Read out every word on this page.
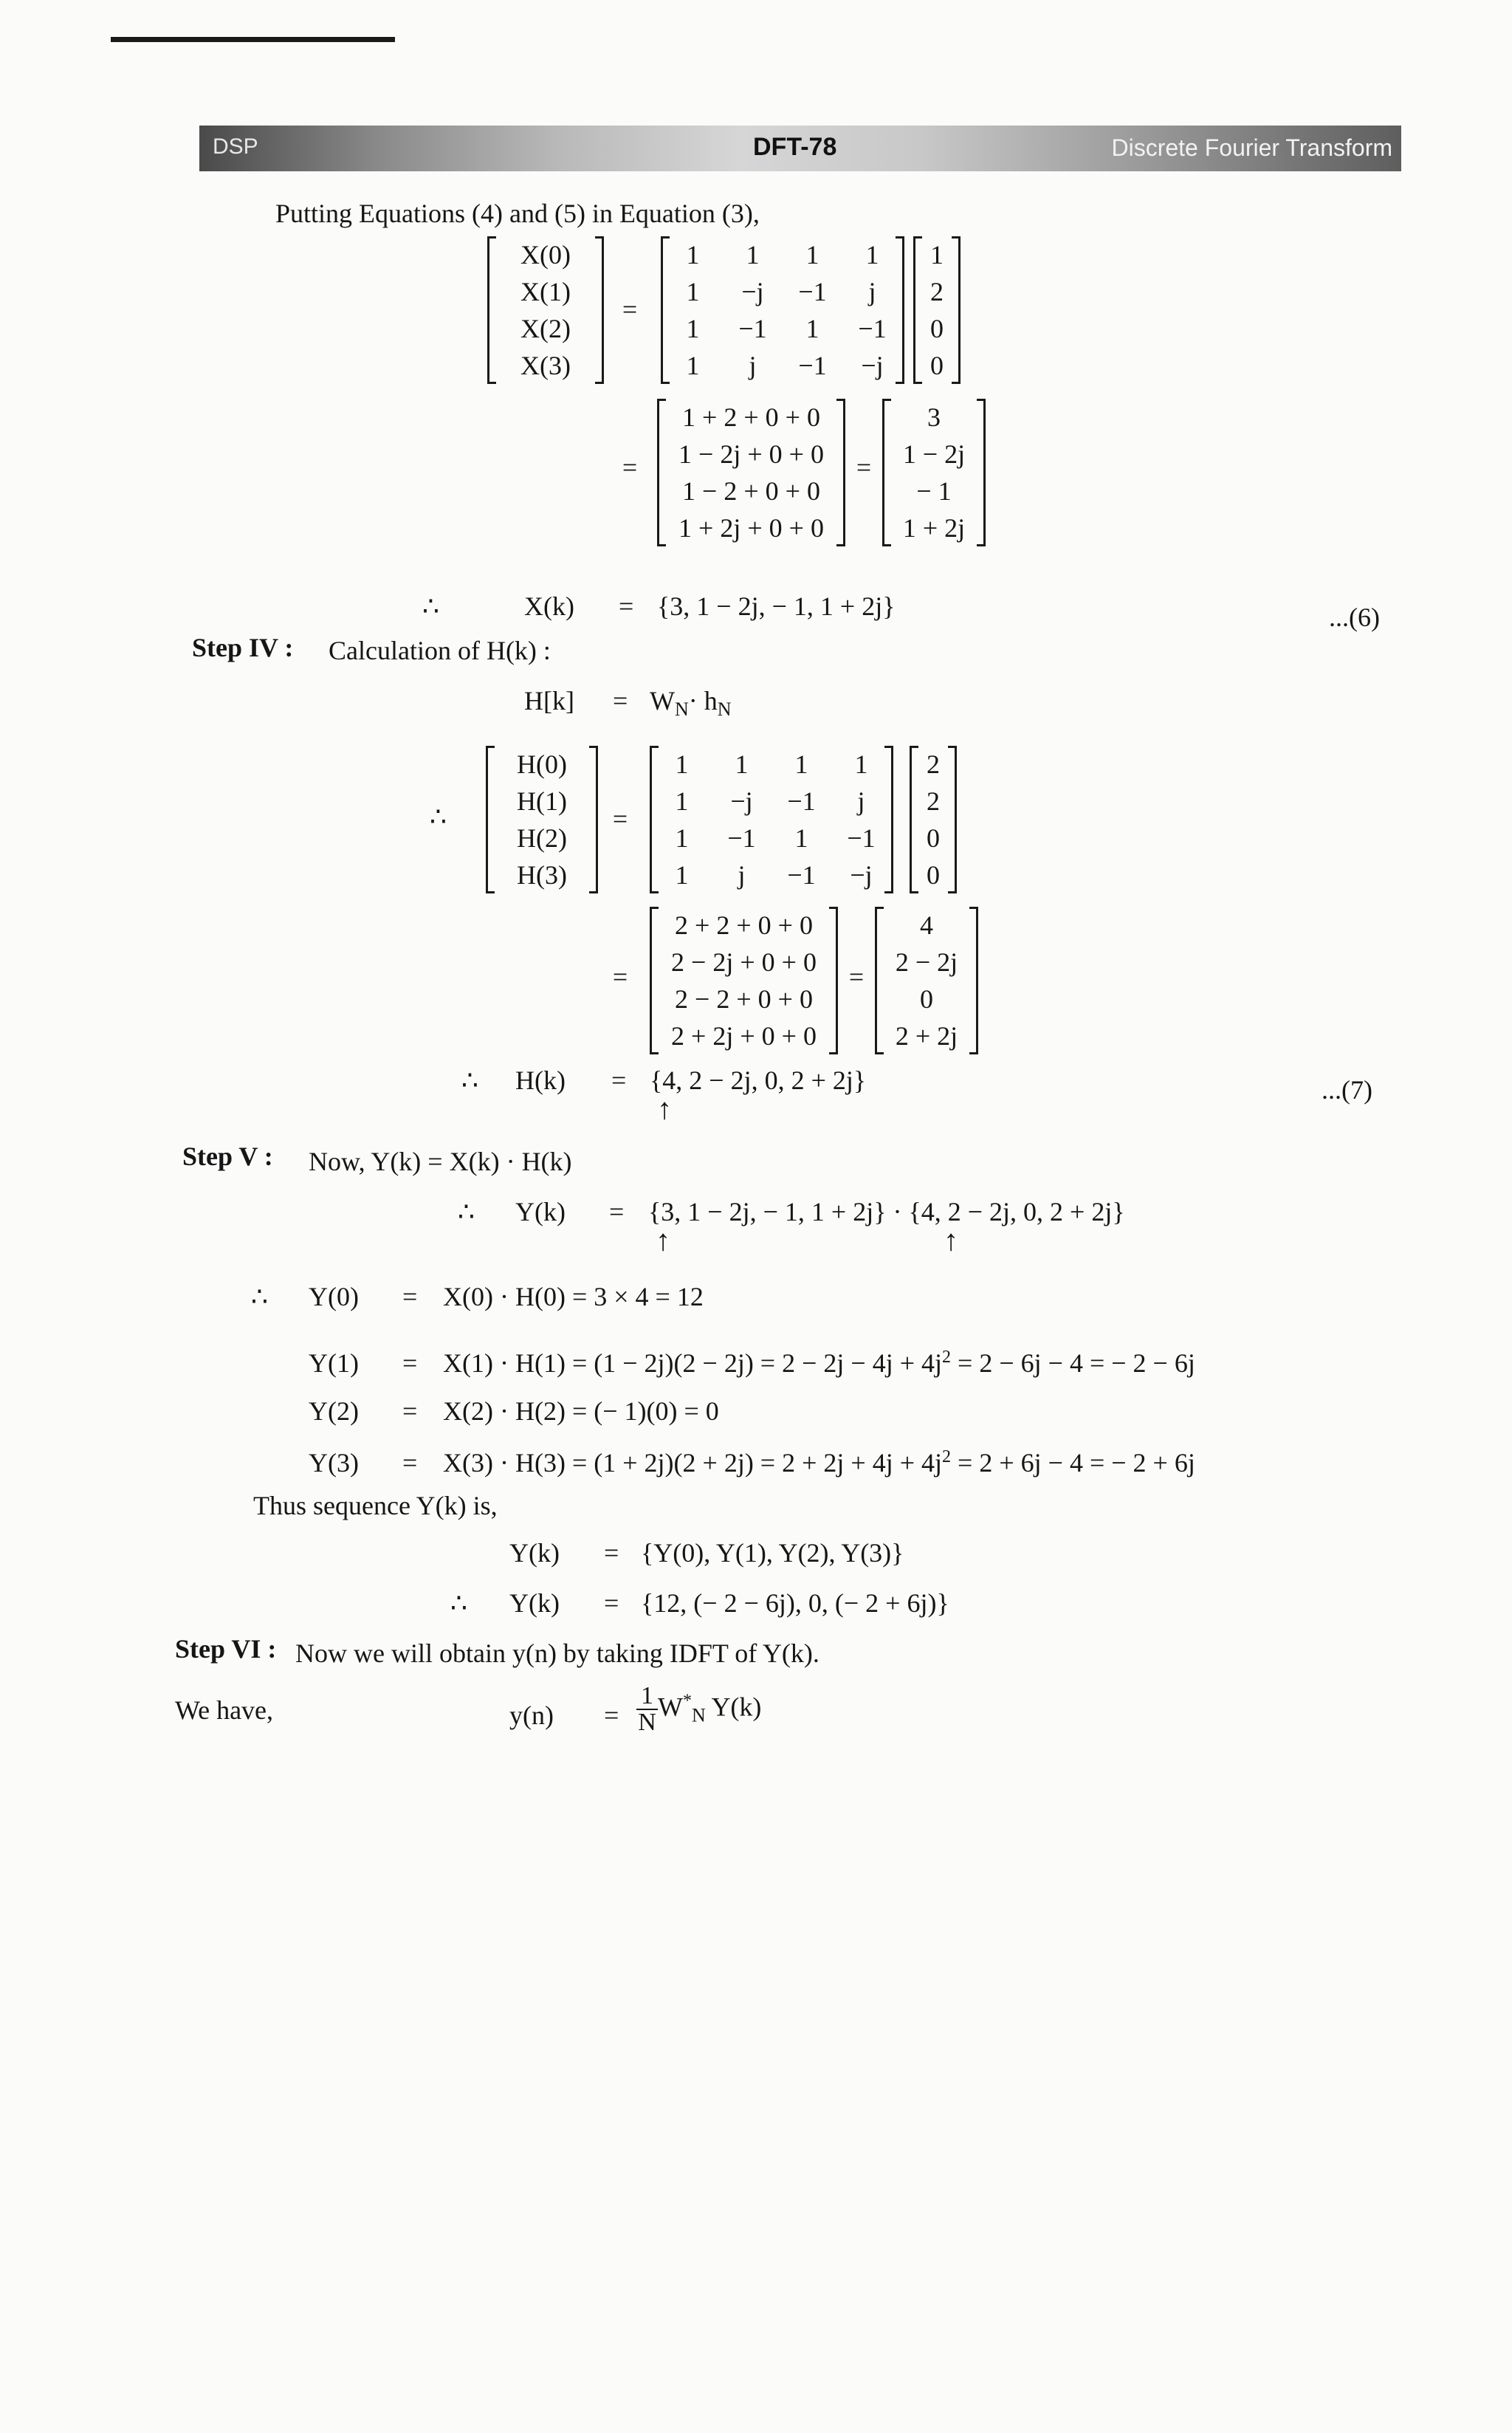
DSP	DFT-78	Discrete Fourier Transform
Putting Equations (4) and (5) in Equation (3),
X(0)
X(1)
X(2)
X(3)
=
1	1	1	1
1	−j	−1	j
1	−1	1	−1
1	j	−1	−j
1
2
0
0
=
1 + 2 + 0 + 0
1 − 2j + 0 + 0
1 − 2 + 0 + 0
1 + 2j + 0 + 0
=
3
1 − 2j
− 1
1 + 2j
∴	X(k) = {3, 1 − 2j, − 1, 1 + 2j}	...(6)
Step IV : Calculation of H(k) :
$H[k] = W_N\cdot h_N$
∴
H(0)
H(1)
H(2)
H(3)
=
1	1	1	1
1	−j	−1	j
1	−1	1	−1
1	j	−1	−j
2
2
0
0
=
2 + 2 + 0 + 0
2 − 2j + 0 + 0
2 − 2 + 0 + 0
2 + 2j + 0 + 0
=
4
2 − 2j
0
2 + 2j
∴ H(k) = {4, 2 − 2j, 0, 2 + 2j}
↑
...(7)
Step V : Now, Y(k) = X(k) · H(k)
∴ Y(k) = {3, 1 − 2j, − 1, 1 + 2j} · {4, 2 − 2j, 0, 2 + 2j}
↑	↑
∴ Y(0) = X(0) · H(0) = 3 × 4 = 12
$Y(1) = X(1) \cdot H(1) = (1 - 2j)(2 - 2j) = 2 - 2j - 4j + 4j^2 = 2 - 6j - 4$ = − 2 − 6j
Y(2) = X(2) · H(2) = (− 1)(0) = 0
$Y(3) = X(3) \cdot H(3) = (1 + 2j)(2 + 2j) = 2 + 2j + 4j + 4j^2 = 2 + 6j - 4$ = − 2 + 6j
Thus sequence Y(k) is,
Y(k) = {Y(0), Y(1), Y(2), Y(3)}
∴ Y(k) = {12, (− 2 − 6j), 0, (− 2 + 6j)}
Step VI : Now we will obtain y(n) by taking IDFT of Y(k).
We have,	$y(n) = \frac{1}{N} W^*_N$ Y(k)
